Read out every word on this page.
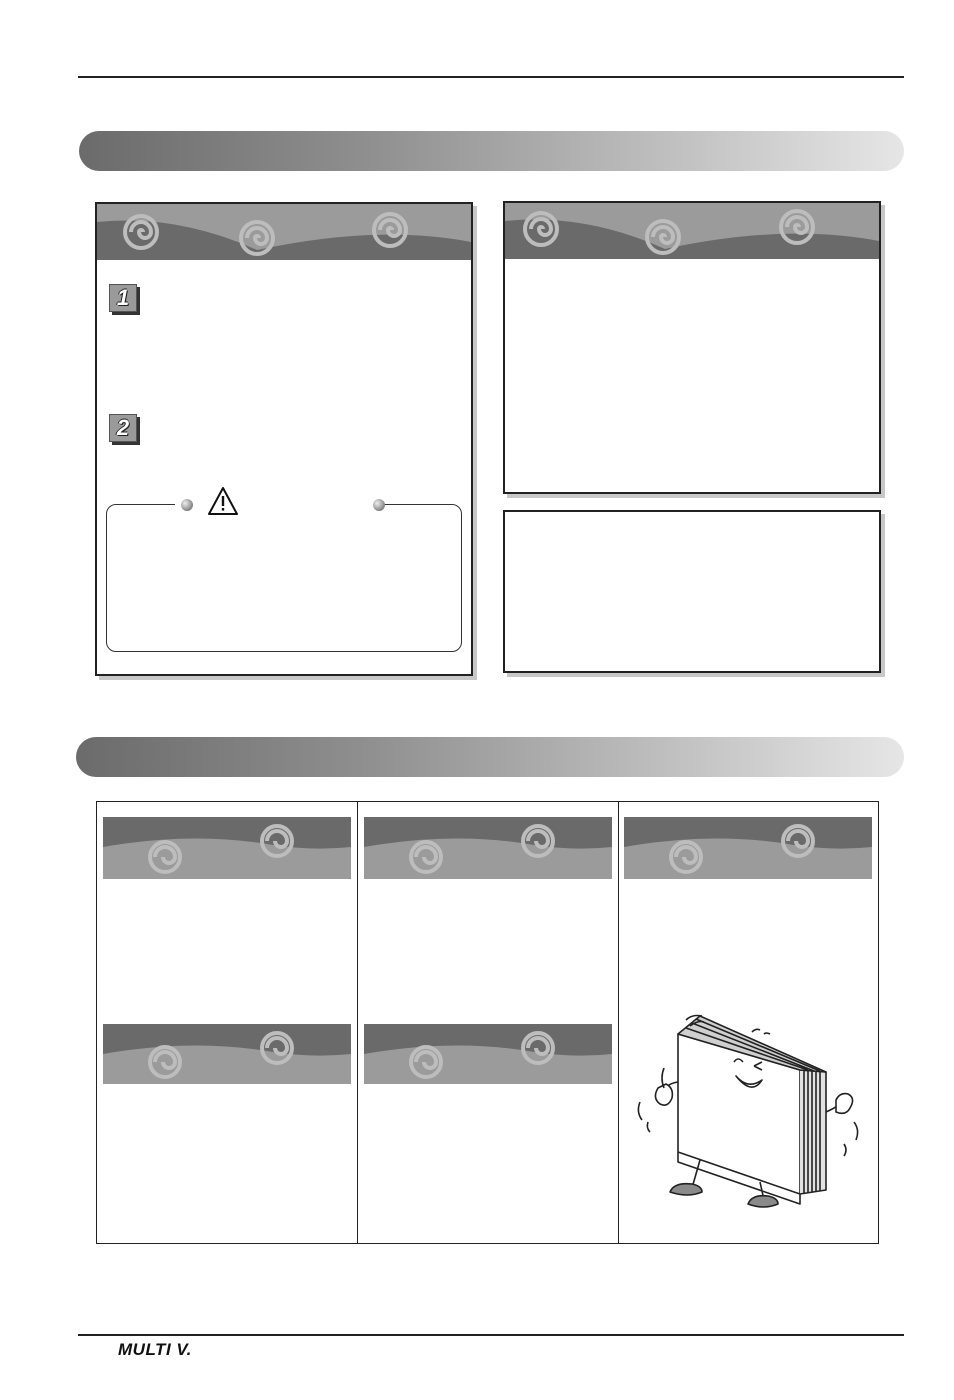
1
2
MULTI V.
